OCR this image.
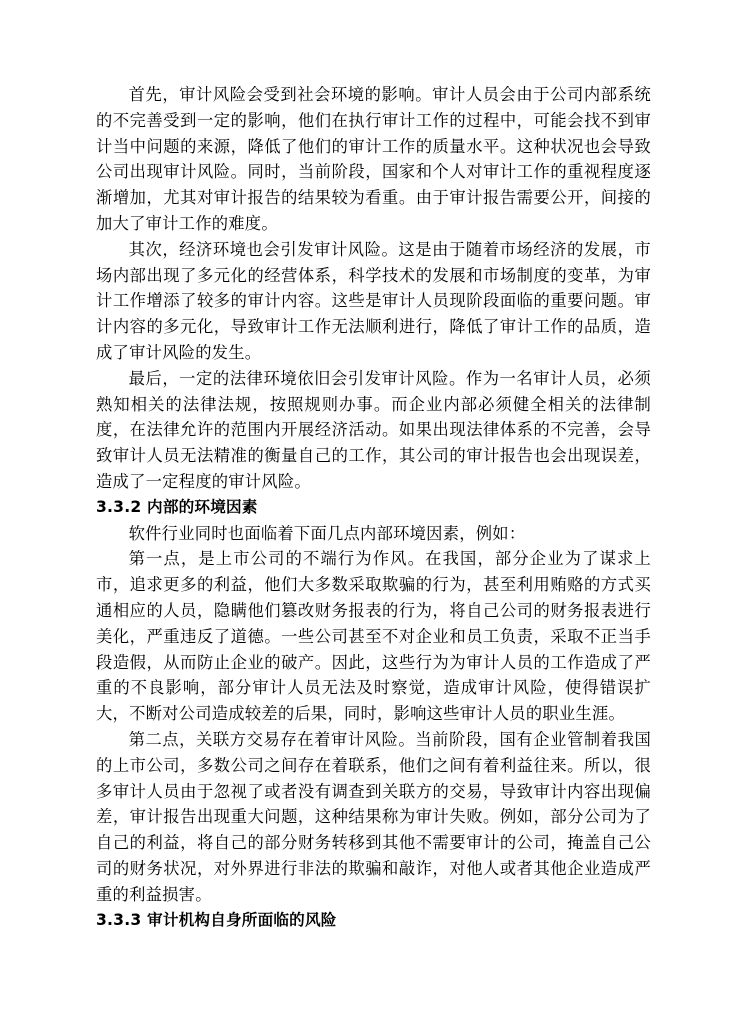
首先，审计风险会受到社会环境的影响。审计人员会由于公司内部系统的不完善受到一定的影响，他们在执行审计工作的过程中，可能会找不到审计当中问题的来源，降低了他们的审计工作的质量水平。这种状况也会导致公司出现审计风险。同时，当前阶段，国家和个人对审计工作的重视程度逐渐增加，尤其对审计报告的结果较为看重。由于审计报告需要公开，间接的加大了审计工作的难度。

其次，经济环境也会引发审计风险。这是由于随着市场经济的发展，市场内部出现了多元化的经营体系，科学技术的发展和市场制度的变革，为审计工作增添了较多的审计内容。这些是审计人员现阶段面临的重要问题。审计内容的多元化，导致审计工作无法顺利进行，降低了审计工作的品质，造成了审计风险的发生。

最后，一定的法律环境依旧会引发审计风险。作为一名审计人员，必须熟知相关的法律法规，按照规则办事。而企业内部必须健全相关的法律制度，在法律允许的范围内开展经济活动。如果出现法律体系的不完善，会导致审计人员无法精准的衡量自己的工作，其公司的审计报告也会出现误差，造成了一定程度的审计风险。

3.3.2 内部的环境因素

软件行业同时也面临着下面几点内部环境因素，例如：

第一点，是上市公司的不端行为作风。在我国，部分企业为了谋求上市，追求更多的利益，他们大多数采取欺骗的行为，甚至利用贿赂的方式买通相应的人员，隐瞒他们篡改财务报表的行为，将自己公司的财务报表进行美化，严重违反了道德。一些公司甚至不对企业和员工负责，采取不正当手段造假，从而防止企业的破产。因此，这些行为为审计人员的工作造成了严重的不良影响，部分审计人员无法及时察觉，造成审计风险，使得错误扩大，不断对公司造成较差的后果，同时，影响这些审计人员的职业生涯。

第二点，关联方交易存在着审计风险。当前阶段，国有企业管制着我国的上市公司，多数公司之间存在着联系，他们之间有着利益往来。所以，很多审计人员由于忽视了或者没有调查到关联方的交易，导致审计内容出现偏差，审计报告出现重大问题，这种结果称为审计失败。例如，部分公司为了自己的利益，将自己的部分财务转移到其他不需要审计的公司，掩盖自己公司的财务状况，对外界进行非法的欺骗和敲诈，对他人或者其他企业造成严重的利益损害。

3.3.3 审计机构自身所面临的风险
